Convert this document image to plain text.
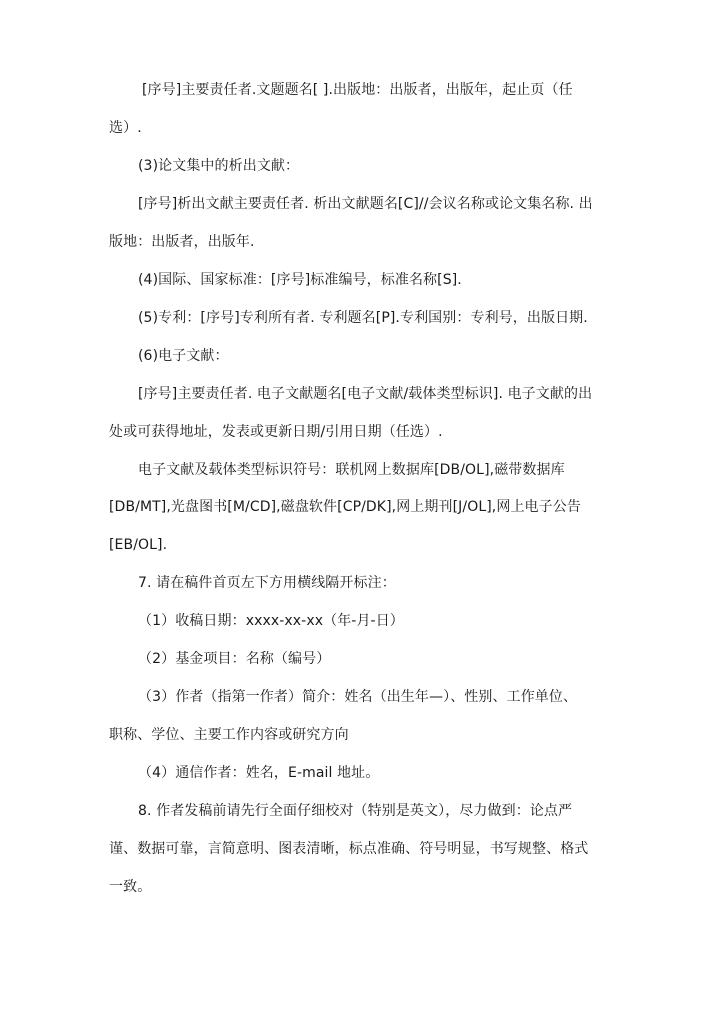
[序号]主要责任者.文题题名[ ].出版地：出版者，出版年，起止页（任
选）.
(3)论文集中的析出文献：
[序号]析出文献主要责任者. 析出文献题名[C]//会议名称或论文集名称. 出
版地：出版者，出版年.
(4)国际、国家标准：[序号]标准编号，标准名称[S].
(5)专利：[序号]专利所有者. 专利题名[P].专利国别：专利号，出版日期.
(6)电子文献：
[序号]主要责任者. 电子文献题名[电子文献/载体类型标识]. 电子文献的出
处或可获得地址，发表或更新日期/引用日期（任选）.
电子文献及载体类型标识符号：联机网上数据库[DB/OL],磁带数据库
[DB/MT],光盘图书[M/CD],磁盘软件[CP/DK],网上期刊[J/OL],网上电子公告
[EB/OL].
7. 请在稿件首页左下方用横线隔开标注：
（1）收稿日期：xxxx-xx-xx（年-月-日）
（2）基金项目：名称（编号）
（3）作者（指第一作者）简介：姓名（出生年—）、性别、工作单位、
职称、学位、主要工作内容或研究方向
（4）通信作者：姓名，E-mail 地址。
8. 作者发稿前请先行全面仔细校对（特别是英文），尽力做到：论点严
谨、数据可靠，言简意明、图表清晰，标点准确、符号明显，书写规整、格式
一致。
